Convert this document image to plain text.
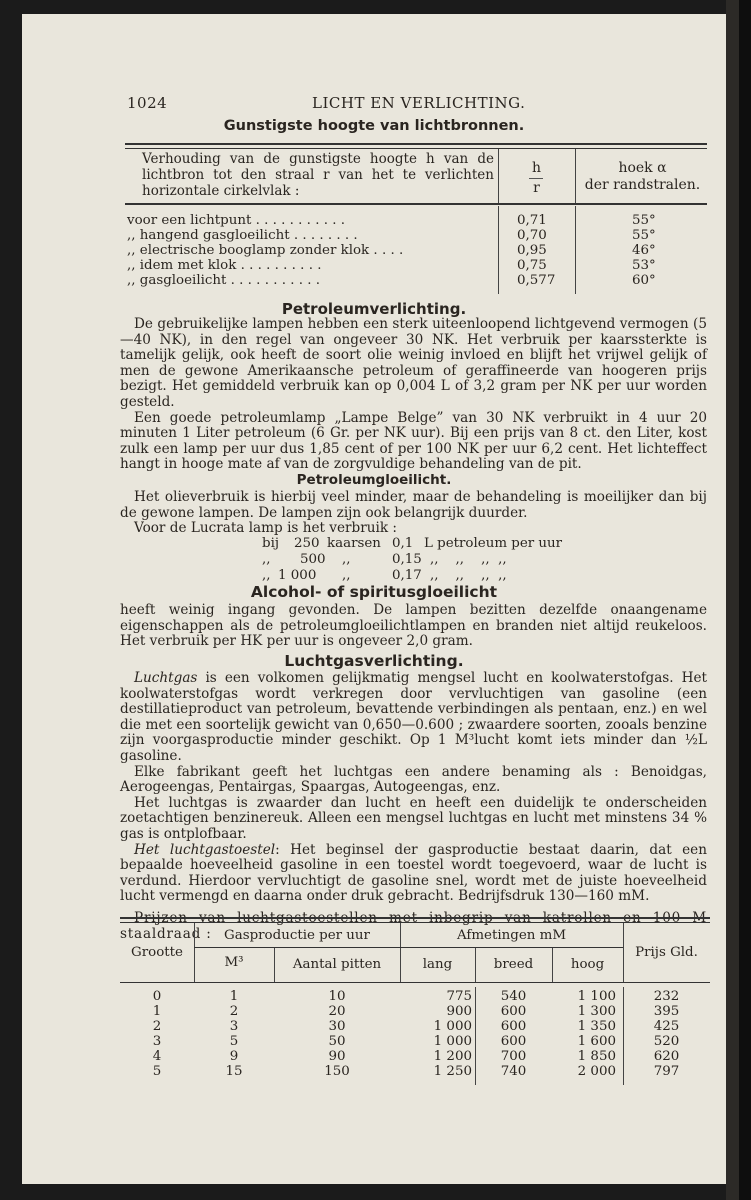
1024	LICHT EN VERLICHTING.
Gunstigste hoogte van lichtbronnen.
Verhouding van de gunstigste hoogte h van de lichtbron tot den straal r van het te verlichten horizontale cirkelvlak :
h
r
hoek α
der randstralen.
voor een lichtpunt . . . . . . . . . . .	0,71	55°
,, hangend gasgloeilicht . . . . . . . .	0,70	55°
,, electrische booglamp zonder klok . . . .	0,95	46°
,, idem met klok . . . . . . . . . .	0,75	53°
,, gasgloeilicht . . . . . . . . . . .	0,577	60°
Petroleumverlichting.

De gebruikelijke lampen hebben een sterk uiteenloopend lichtgevend vermogen (5—40 NK), in den regel van ongeveer 30 NK. Het verbruik per kaarssterkte is tamelijk gelijk, ook heeft de soort olie weinig invloed en blijft het vrijwel gelijk of men de gewone Amerikaansche petroleum of geraffineerde van hoogeren prijs bezigt. Het gemiddeld verbruik kan op 0,004 L of 3,2 gram per NK per uur worden gesteld.

Een goede petroleumlamp „Lampe Belge” van 30 NK verbruikt in 4 uur 20 minuten 1 Liter petroleum (6 Gr. per NK uur). Bij een prijs van 8 ct. den Liter, kost zulk een lamp per uur dus 1,85 cent of per 100 NK per uur 6,2 cent. Het lichteffect hangt in hooge mate af van de zorgvuldige behandeling van de pit.

Petroleumgloeilicht.

Het olieverbruik is hierbij veel minder, maar de behandeling is moeilijker dan bij de gewone lampen. De lampen zijn ook belangrijk duurder.

Voor de Lucrata lamp is het verbruik :

bij 250 kaarsen 0,1 L petroleum per uur
,, 500 ,,	0,15 ,,    ,,    ,,  ,,
,, 1 000 ,,	0,17 ,,    ,,    ,,  ,,
Alcohol- of spiritusgloeilicht

heeft weinig ingang gevonden. De lampen bezitten dezelfde onaangename eigenschappen als de petroleumgloeilichtlampen en branden niet altijd reukeloos. Het verbruik per HK per uur is ongeveer 2,0 gram.

Luchtgasverlichting.

Luchtgas is een volkomen gelijkmatig mengsel lucht en koolwaterstofgas. Het koolwaterstofgas wordt verkregen door vervluchtigen van gasoline (een destillatieproduct van petroleum, bevattende verbindingen als pentaan, enz.) en wel die met een soortelijk gewicht van 0,650—0.600 ; zwaardere soorten, zooals benzine zijn voorgasproductie minder geschikt. Op 1 M³lucht komt iets minder dan ½L gasoline.

Elke fabrikant geeft het luchtgas een andere benaming als : Benoidgas, Aerogeengas, Pentairgas, Spaargas, Autogeengas, enz.

Het luchtgas is zwaarder dan lucht en heeft een duidelijk te onderscheiden zoetachtigen benzinereuk. Alleen een mengsel luchtgas en lucht met minstens 34 % gas is ontplofbaar.

Het luchtgastoestel: Het beginsel der gasproductie bestaat daarin, dat een bepaalde hoeveelheid gasoline in een toestel wordt toegevoerd, waar de lucht is verdund. Hierdoor vervluchtigt de gasoline snel, wordt met de juiste hoeveelheid lucht vermengd en daarna onder druk gebracht. Bedrijfsdruk 130—160 mM.

Prijzen van luchtgastoestellen met inbegrip van katrollen en 100 M staaldraad :

Grootte
Gasproductie per uur
M³	Aantal pitten
Afmetingen mM
lang	breed	hoog
Prijs Gld.
0	1	10	775	540	1 100	232
1	2	20	900	600	1 300	395
2	3	30	1 000	600	1 350	425
3	5	50	1 000	600	1 600	520
4	9	90	1 200	700	1 850	620
5	15	150	1 250	740	2 000	797
